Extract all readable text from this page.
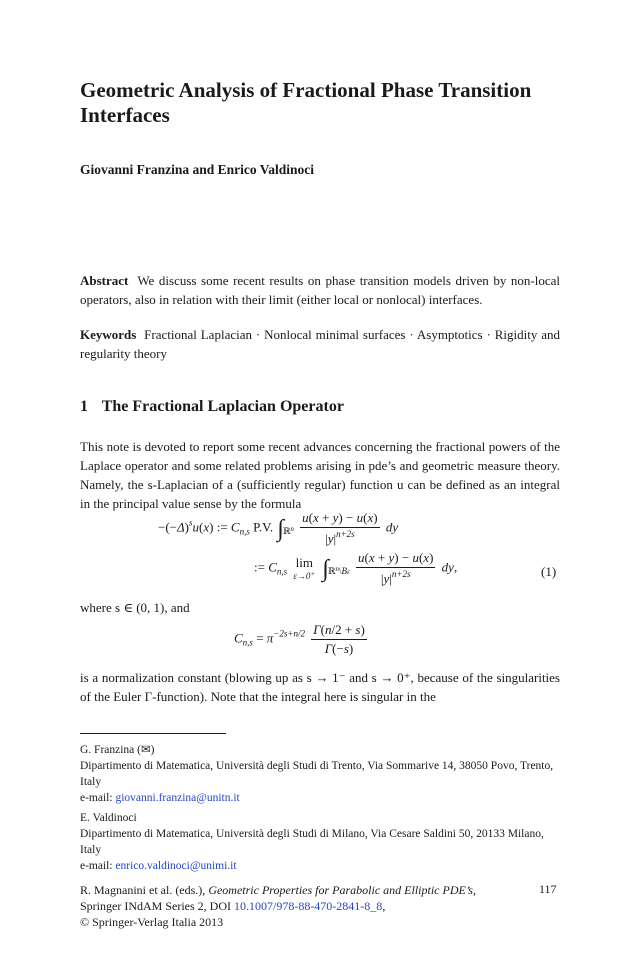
Geometric Analysis of Fractional Phase Transition Interfaces
Giovanni Franzina and Enrico Valdinoci
Abstract We discuss some recent results on phase transition models driven by non-local operators, also in relation with their limit (either local or nonlocal) interfaces.
Keywords Fractional Laplacian · Nonlocal minimal surfaces · Asymptotics · Rigidity and regularity theory
1 The Fractional Laplacian Operator
This note is devoted to report some recent advances concerning the fractional powers of the Laplace operator and some related problems arising in pde’s and geometric measure theory. Namely, the s-Laplacian of a (sufficiently regular) function u can be defined as an integral in the principal value sense by the formula
$-(-\Delta)^su(x)$ := $C_{n,s}$ P.V. $\int_{ℝ^n} \frac{u(x + y) - u(x)}{|y|^{n+2s}}$ dy
:= $C_{n,s}$
lim
ε→0+ $\int_{ℝ^n\backslash B\varepsilon} \frac{u(x + y) - u(x)}{|y|^{n+2s}}$ dy,	(1)
where s ∈ (0, 1), and
$C_{n,s} = \pi^{-2s+n/2} \frac{\Gamma(n/2 + s)}{\Gamma(-s)}$
is a normalization constant (blowing up as s → 1⁻ and s → 0⁺, because of the singularities of the Euler Γ-function). Note that the integral here is singular in the
G. Franzina (✉)
Dipartimento di Matematica, Università degli Studi di Trento, Via Sommarive 14, 38050 Povo, Trento, Italy
e-mail: giovanni.franzina@unitn.it
E. Valdinoci
Dipartimento di Matematica, Università degli Studi di Milano, Via Cesare Saldini 50, 20133 Milano, Italy
e-mail: enrico.valdinoci@unimi.it
R. Magnanini et al. (eds.), Geometric Properties for Parabolic and Elliptic PDE’s,
Springer INdAM Series 2, DOI 10.1007/978-88-470-2841-8_8,
© Springer-Verlag Italia 2013
117
